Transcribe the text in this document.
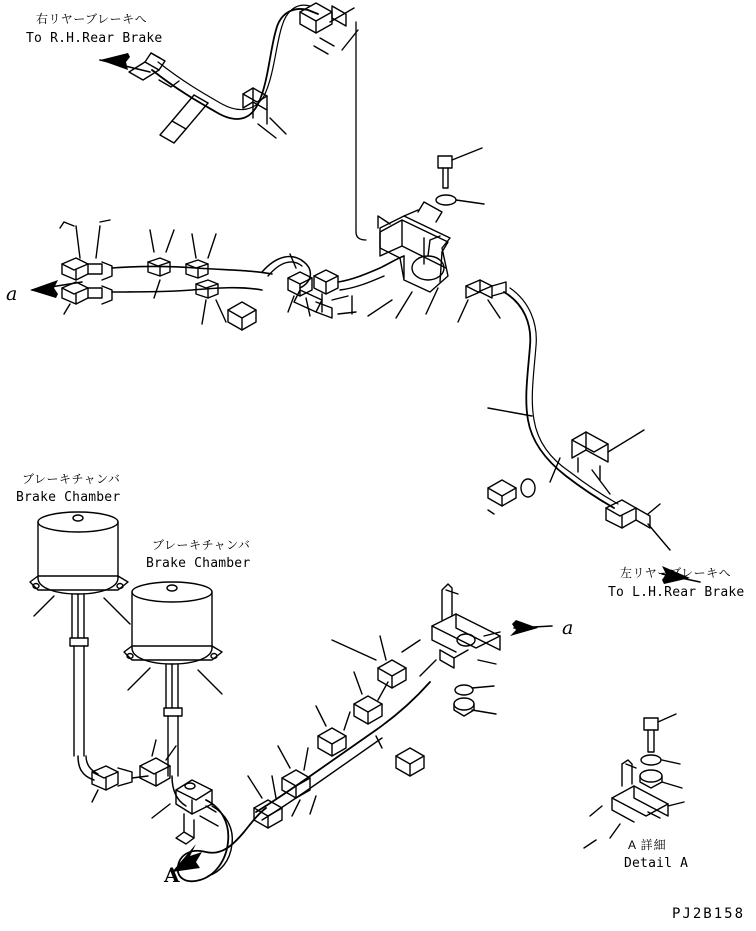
右リヤーブレーキへ
To R.H.Rear Brake
左リヤーブレーキへ
To L.H.Rear Brake
ブレーキチャンバ
Brake Chamber
ブレーキチャンバ
Brake Chamber
a
a
A
A 詳細
Detail A
PJ2B158
